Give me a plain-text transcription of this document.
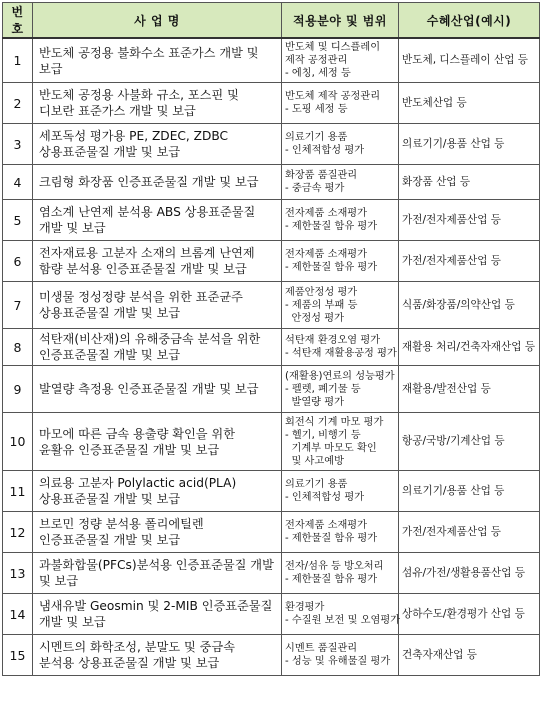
번호	사 업 명	적용분야 및 범위	수혜산업(예시)
1	반도체 공정용 불화수소 표준가스 개발 및
보급	반도체 및 디스플레이
제작 공정관리
- 에칭, 세정 등	반도체, 디스플레이 산업 등

2	반도체 공정용 사불화 규소, 포스핀 및
디보란 표준가스 개발 및 보급	반도체 제작 공정관리
- 도핑 세정 등	반도체산업 등

3	세포독성 평가용 PE, ZDEC, ZDBC
상용표준물질 개발 및 보급	의료기기 용품
- 인체적합성 평가	의료기기/용품 산업 등

4	크림형 화장품 인증표준물질 개발 및 보급	화장품 품질관리
- 중금속 평가	화장품 산업 등

5	염소계 난연제 분석용 ABS 상용표준물질
개발 및 보급	전자제품 소재평가
- 제한물질 함유 평가	가전/전자제품산업 등

6	전자재료용 고분자 소재의 브롬계 난연제
함량 분석용 인증표준물질 개발 및 보급	전자제품 소재평가
- 제한물질 함유 평가	가전/전자제품산업 등

7	미생물 정성정량 분석을 위한 표준균주
상용표준물질 개발 및 보급	제품안정성 평가
- 제품의 부패 등
안정성 평가	식품/화장품/의약산업 등

8	석탄재(비산재)의 유해중금속 분석을 위한
인증표준물질 개발 및 보급	석탄재 환경오염 평가
- 석탄재 재활용공정 평가	재활용 처리/건축자재산업 등

9	발열량 측정용 인증표준물질 개발 및 보급	(재활용)연료의 성능평가
- 펠렛, 폐기물 등
발열량 평가	재활용/발전산업 등

10	마모에 따른 금속 용출량 확인을 위한
윤활유 인증표준물질 개발 및 보급	회전식 기계 마모 평가
- 헬기, 비행기 등
기계부 마모도 확인
및 사고예방	항공/국방/기계산업 등

11	의료용 고분자 Polylactic acid(PLA)
상용표준물질 개발 및 보급	의료기기 용품
- 인체적합성 평가	의료기기/용품 산업 등

12	브로민 정량 분석용 폴리에틸렌
인증표준물질 개발 및 보급	전자제품 소재평가
- 제한물질 함유 평가	가전/전자제품산업 등

13	과불화합물(PFCs)분석용 인증표준물질 개발
및 보급	전자/섬유 등 방오처리
- 제한물질 함유 평가	섬유/가전/생활용품산업 등

14	냄새유발 Geosmin 및 2-MIB 인증표준물질
개발 및 보급	환경평가
- 수질원 보전 및 오염평가	상하수도/환경평가 산업 등

15	시멘트의 화학조성, 분말도 및 중금속
분석용 상용표준물질 개발 및 보급	시멘트 품질관리
- 성능 및 유해물질 평가	건축자재산업 등
